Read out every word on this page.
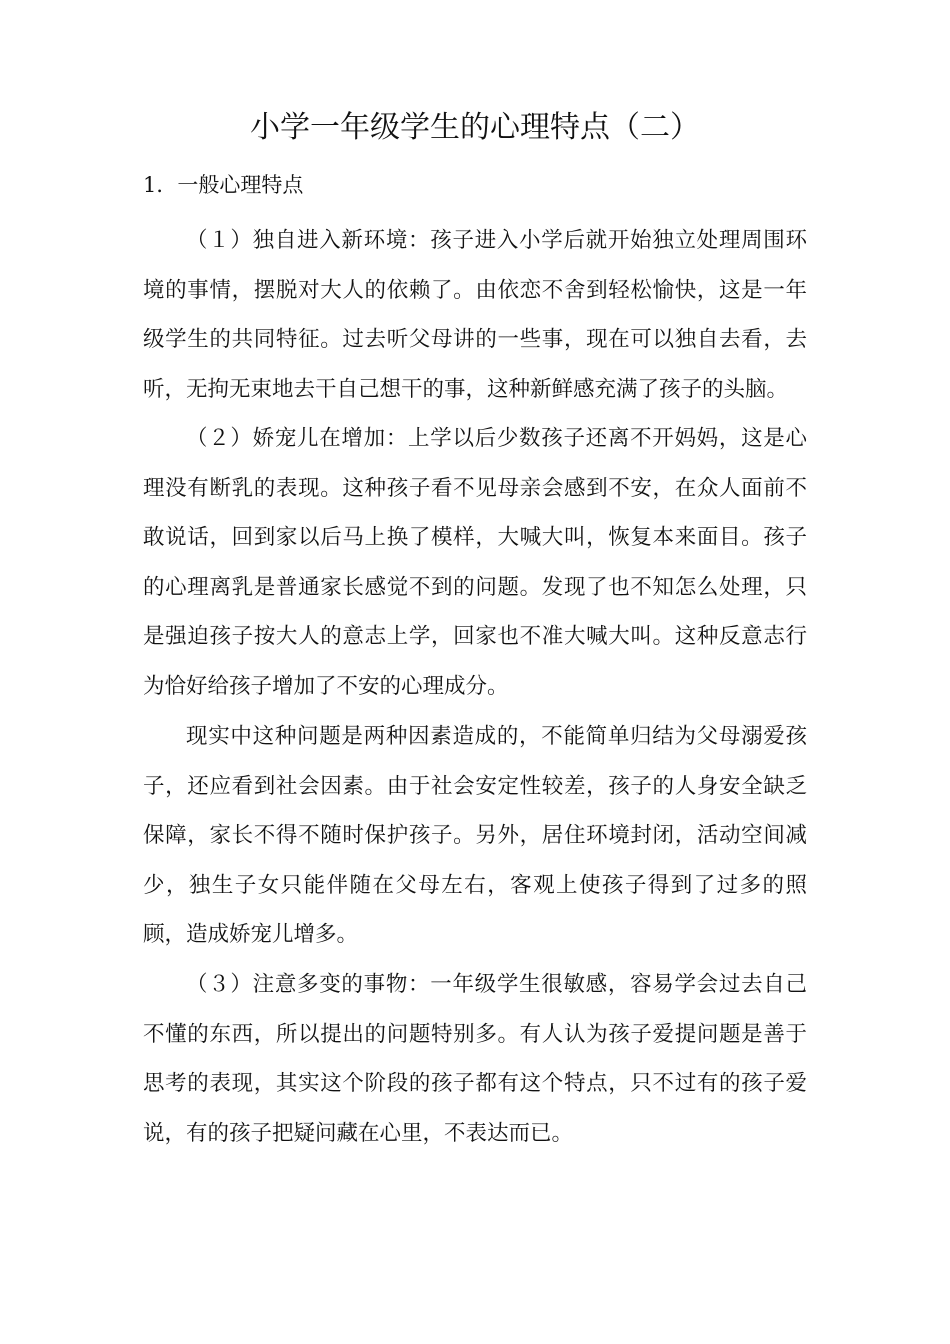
小学一年级学生的心理特点（二）

1．一般心理特点

（１）独自进入新环境：孩子进入小学后就开始独立处理周围环境的事情，摆脱对大人的依赖了。由依恋不舍到轻松愉快，这是一年级学生的共同特征。过去听父母讲的一些事，现在可以独自去看，去听，无拘无束地去干自己想干的事，这种新鲜感充满了孩子的头脑。

（２）娇宠儿在增加：上学以后少数孩子还离不开妈妈，这是心理没有断乳的表现。这种孩子看不见母亲会感到不安，在众人面前不敢说话，回到家以后马上换了模样，大喊大叫，恢复本来面目。孩子的心理离乳是普通家长感觉不到的问题。发现了也不知怎么处理，只是强迫孩子按大人的意志上学，回家也不准大喊大叫。这种反意志行为恰好给孩子增加了不安的心理成分。

现实中这种问题是两种因素造成的，不能简单归结为父母溺爱孩子，还应看到社会因素。由于社会安定性较差，孩子的人身安全缺乏保障，家长不得不随时保护孩子。另外，居住环境封闭，活动空间减少，独生子女只能伴随在父母左右，客观上使孩子得到了过多的照顾，造成娇宠儿增多。

（３）注意多变的事物：一年级学生很敏感，容易学会过去自己不懂的东西，所以提出的问题特别多。有人认为孩子爱提问题是善于思考的表现，其实这个阶段的孩子都有这个特点，只不过有的孩子爱说，有的孩子把疑问藏在心里，不表达而已。
